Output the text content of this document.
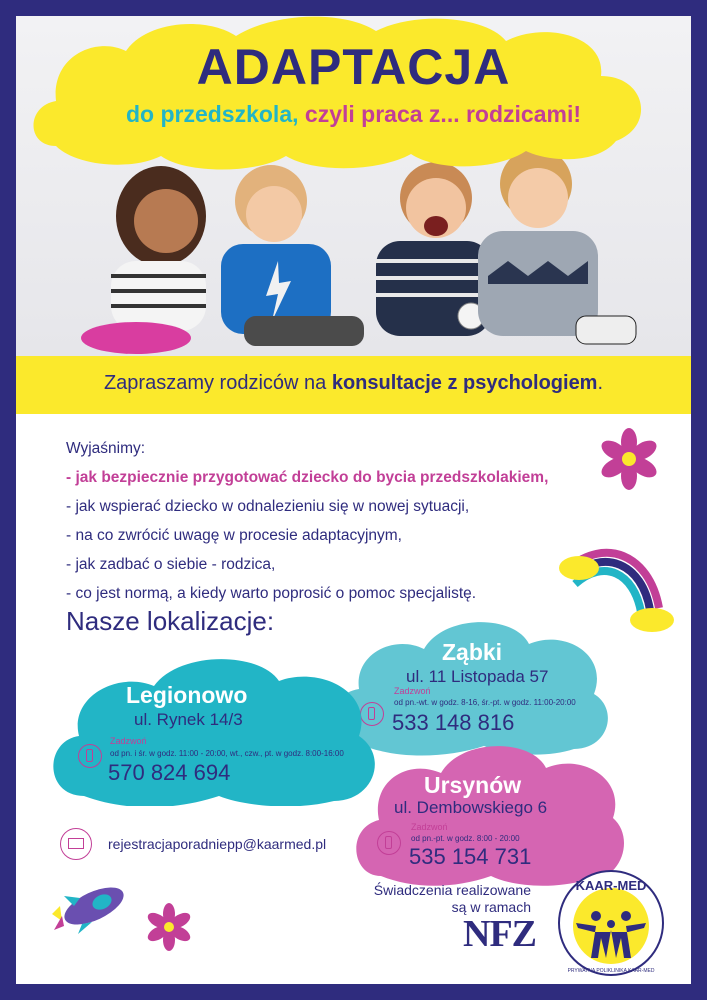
ADAPTACJA
do przedszkola, czyli praca z... rodzicami!
Zapraszamy rodziców na konsultacje z psychologiem.
Wyjaśnimy:
- jak bezpiecznie przygotować dziecko do bycia przedszkolakiem,
- jak wspierać dziecko w odnalezieniu się w nowej sytuacji,
- na co zwrócić uwagę w procesie adaptacyjnym,
- jak zadbać o siebie - rodzica,
- co jest normą, a kiedy warto poprosić o pomoc specjalistę.
Nasze lokalizacje:
Ząbki
ul. 11 Listopada 57
Zadzwoń
od pn.-wt. w godz. 8-16, śr.-pt. w godz. 11:00-20:00
533 148 816
Legionowo
ul. Rynek 14/3
Zadzwoń
od pn. i śr. w godz. 11:00 - 20:00, wt., czw., pt. w godz. 8:00-16:00
570 824 694	Ursynów
ul. Dembowskiego 6
Zadzwoń
od pn.-pt. w godz. 8:00 - 20:00
535 154 731
rejestracjaporadniepp@kaarmed.pl
Świadczenia realizowane
są w ramach
NFZ
KAAR-MED
PRYWATNA POLIKLINIKA KAAR-MED
